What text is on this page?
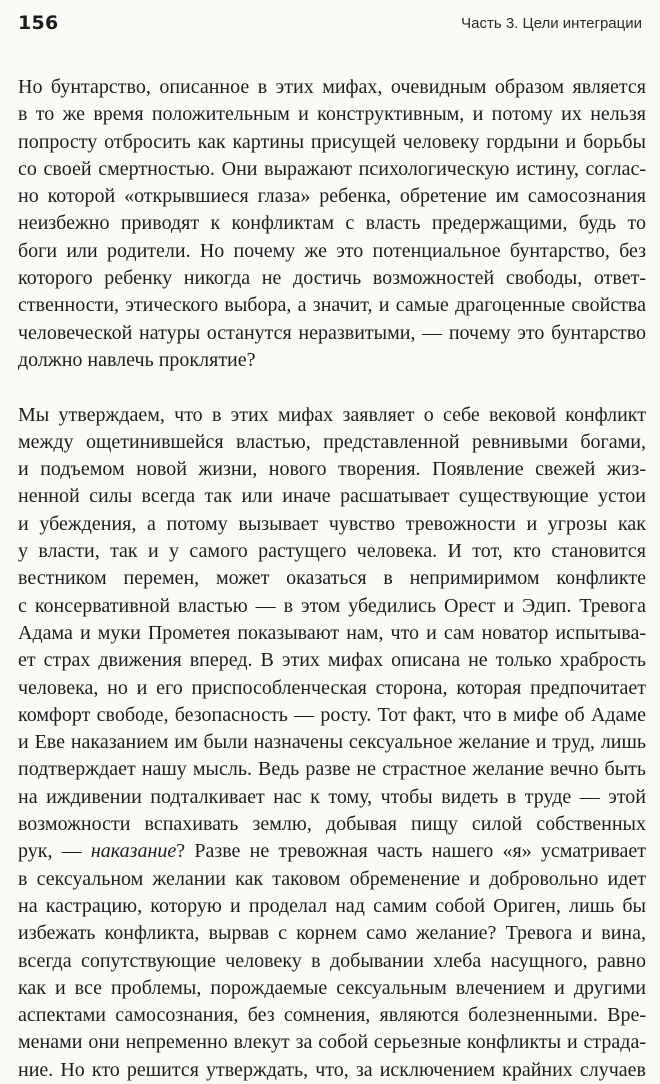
156	Часть 3. Цели интеграции

Но бунтарство, описанное в этих мифах, очевидным образом является
в то же время положительным и конструктивным, и потому их нельзя
попросту отбросить как картины присущей человеку гордыни и борьбы
со своей смертностью. Они выражают психологическую истину, соглас-
но которой «открывшиеся глаза» ребенка, обретение им самосознания
неизбежно приводят к конфликтам с власть предержащими, будь то
боги или родители. Но почему же это потенциальное бунтарство, без
которого ребенку никогда не достичь возможностей свободы, ответ-
ственности, этического выбора, а значит, и самые драгоценные свойства
человеческой натуры останутся неразвитыми, — почему это бунтарство
должно навлечь проклятие?

Мы утверждаем, что в этих мифах заявляет о себе вековой конфликт
между ощетинившейся властью, представленной ревнивыми богами,
и подъемом новой жизни, нового творения. Появление свежей жиз-
ненной силы всегда так или иначе расшатывает существующие устои
и убеждения, а потому вызывает чувство тревожности и угрозы как
у власти, так и у самого растущего человека. И тот, кто становится
вестником перемен, может оказаться в непримиримом конфликте
с консервативной властью — в этом убедились Орест и Эдип. Тревога
Адама и муки Прометея показывают нам, что и сам новатор испытыва-
ет страх движения вперед. В этих мифах описана не только храбрость
человека, но и его приспособленческая сторона, которая предпочитает
комфорт свободе, безопасность — росту. Тот факт, что в мифе об Адаме
и Еве наказанием им были назначены сексуальное желание и труд, лишь
подтверждает нашу мысль. Ведь разве не страстное желание вечно быть
на иждивении подталкивает нас к тому, чтобы видеть в труде — этой
возможности вспахивать землю, добывая пищу силой собственных
рук, — наказание? Разве не тревожная часть нашего «я» усматривает
в сексуальном желании как таковом обременение и добровольно идет
на кастрацию, которую и проделал над самим собой Ориген, лишь бы
избежать конфликта, вырвав с корнем само желание? Тревога и вина,
всегда сопутствующие человеку в добывании хлеба насущного, равно
как и все проблемы, порождаемые сексуальным влечением и другими
аспектами самосознания, без сомнения, являются болезненными. Вре-
менами они непременно влекут за собой серьезные конфликты и страда-
ние. Но кто решится утверждать, что, за исключением крайних случаев
